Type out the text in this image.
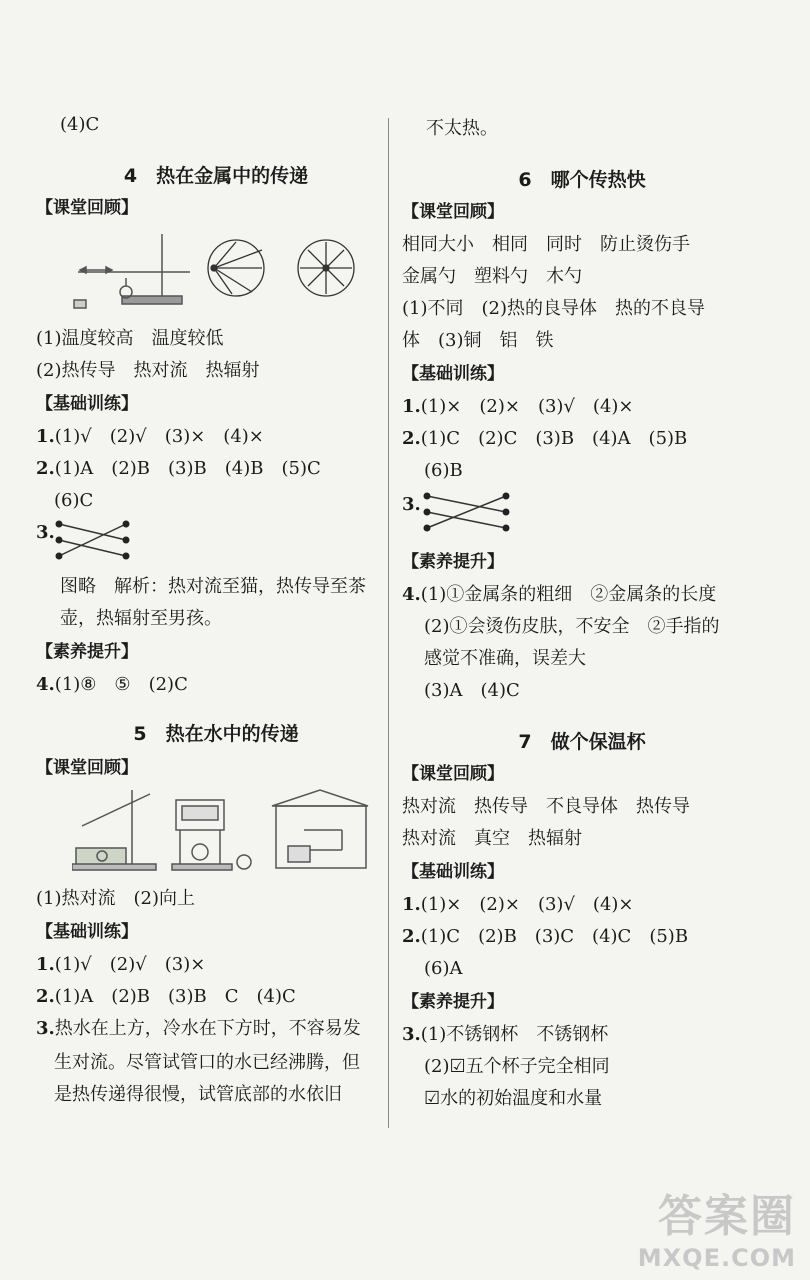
(4)C
4　热在金属中的传递
【课堂回顾】
(1)温度较高　温度较低
(2)热传导　热对流　热辐射
【基础训练】
1.(1)√　(2)√　(3)×　(4)×
2.(1)A　(2)B　(3)B　(4)B　(5)C
(6)C
3.
图略　解析：热对流至猫，热传导至茶
壶，热辐射至男孩。
【素养提升】
4.(1)⑧　⑤　(2)C
5　热在水中的传递
【课堂回顾】
(1)热对流　(2)向上
【基础训练】
1.(1)√　(2)√　(3)×
2.(1)A　(2)B　(3)B　C　(4)C
3.热水在上方，冷水在下方时，不容易发
生对流。尽管试管口的水已经沸腾，但
是热传递得很慢，试管底部的水依旧
不太热。
6　哪个传热快
【课堂回顾】
相同大小　相同　同时　防止烫伤手
金属勺　塑料勺　木勺
(1)不同　(2)热的良导体　热的不良导
体　(3)铜　铝　铁
【基础训练】
1.(1)×　(2)×　(3)√　(4)×
2.(1)C　(2)C　(3)B　(4)A　(5)B
(6)B
3.
【素养提升】
4.(1)①金属条的粗细　②金属条的长度
(2)①会烫伤皮肤，不安全　②手指的
感觉不准确，误差大
(3)A　(4)C
7　做个保温杯
【课堂回顾】
热对流　热传导　不良导体　热传导
热对流　真空　热辐射
【基础训练】
1.(1)×　(2)×　(3)√　(4)×
2.(1)C　(2)B　(3)C　(4)C　(5)B
(6)A
【素养提升】
3.(1)不锈钢杯　不锈钢杯
(2)☑五个杯子完全相同
☑水的初始温度和水量
答案圈
MXQE.COM
